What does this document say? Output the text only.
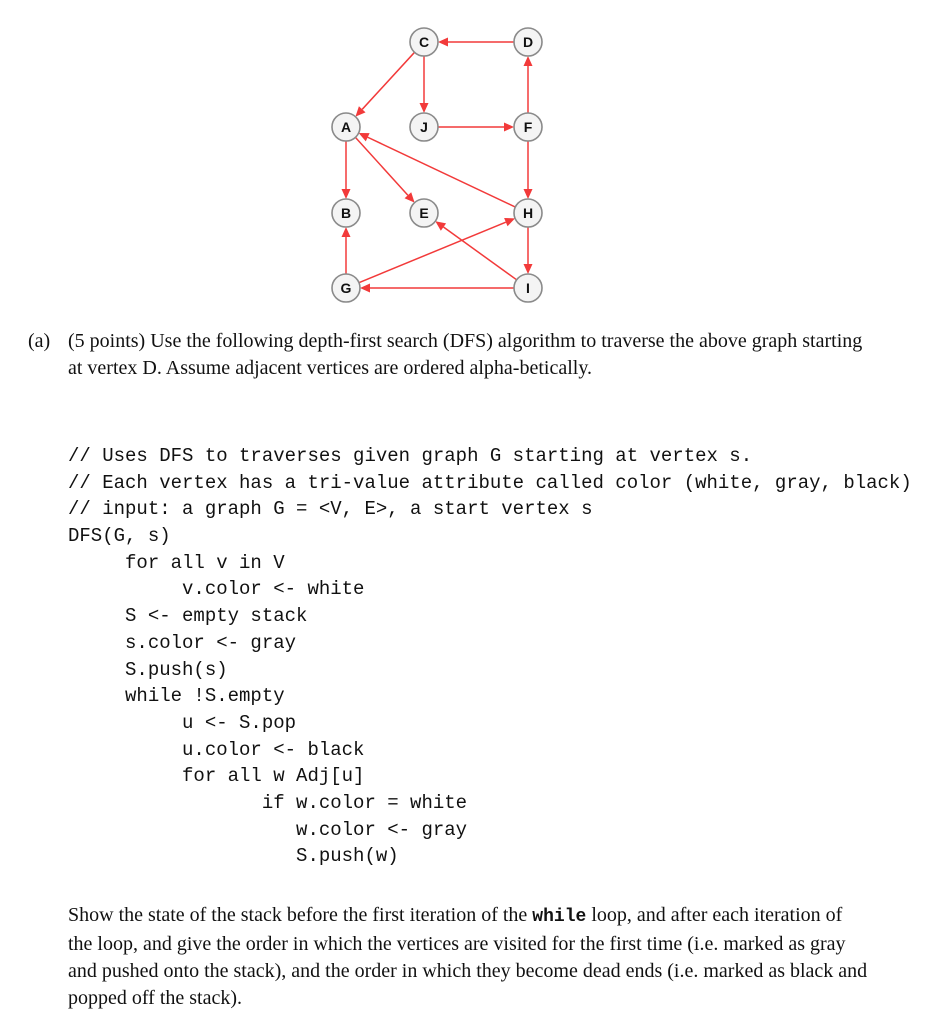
C	D
A	J	F
B	E	H
G	I
(a) (5 points) Use the following depth-first search (DFS) algorithm to traverse the above graph starting at vertex D. Assume adjacent vertices are ordered alpha-betically.
// Uses DFS to traverses given graph G starting at vertex s.
// Each vertex has a tri-value attribute called color (white, gray, black)
// input: a graph G = <V, E>, a start vertex s
DFS(G, s)
for all v in V
v.color <- white
S <- empty stack
s.color <- gray
S.push(s)
while !S.empty
u <- S.pop
u.color <- black
for all w Adj[u]
if w.color = white
w.color <- gray
S.push(w)
Show the state of the stack before the first iteration of the while loop, and after each iteration of the loop, and give the order in which the vertices are visited for the first time (i.e. marked as gray and pushed onto the stack), and the order in which they become dead ends (i.e. marked as black and popped off the stack).
